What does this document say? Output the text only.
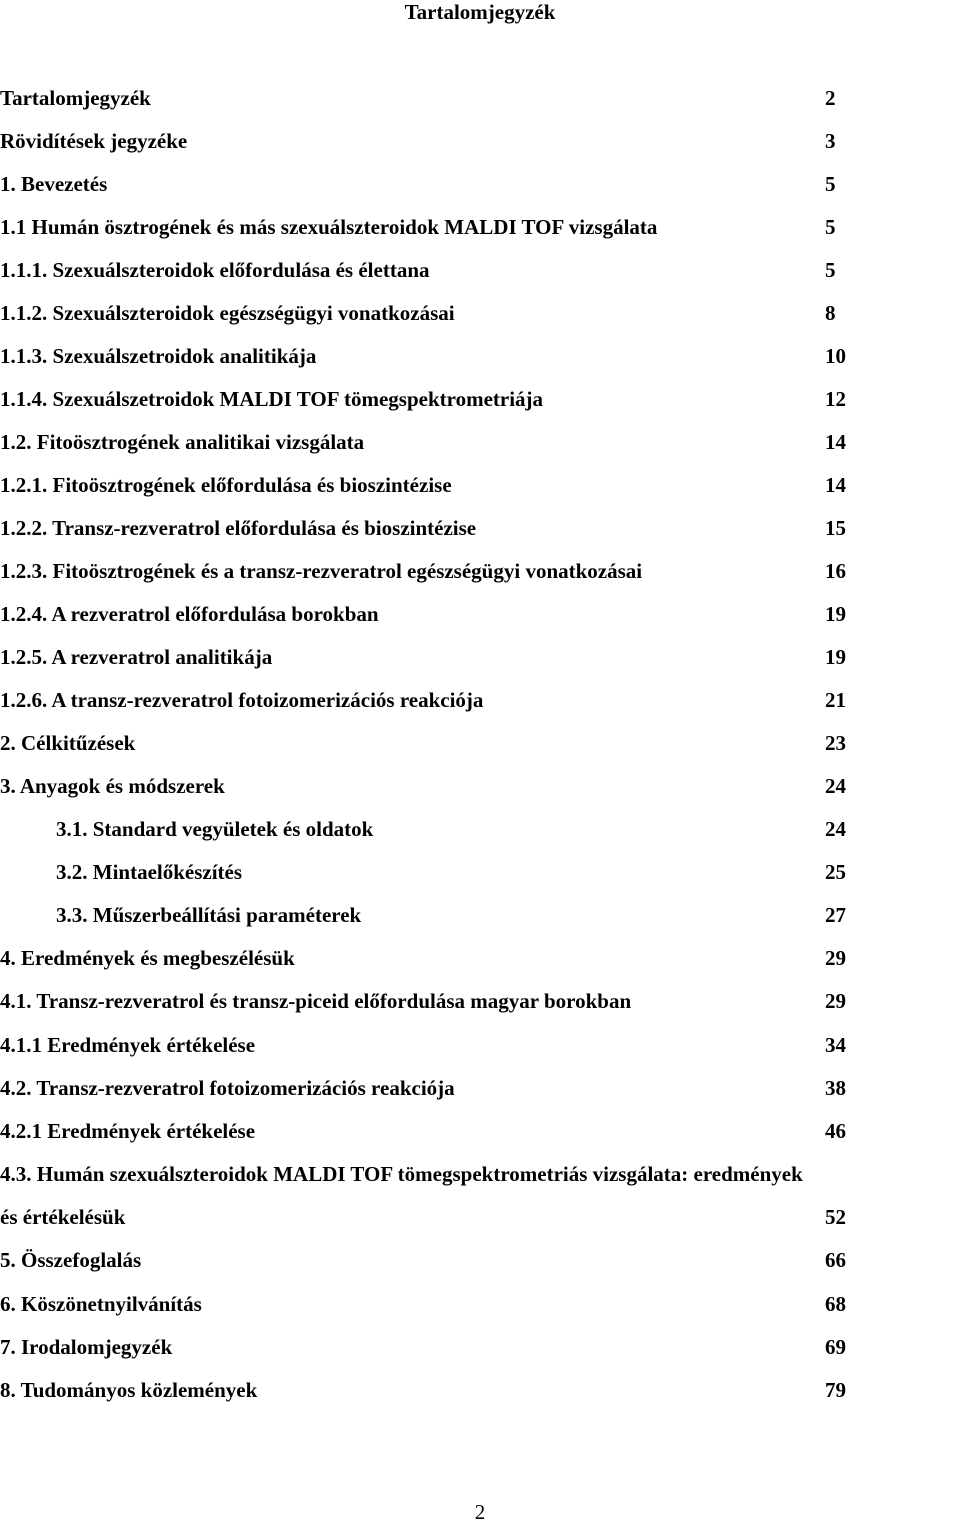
Tartalomjegyzék
Tartalomjegyzék	2
Rövidítések jegyzéke	3
1. Bevezetés	5
1.1 Humán ösztrogének és más szexuálszteroidok MALDI TOF vizsgálata	5
1.1.1. Szexuálszteroidok előfordulása és élettana	5
1.1.2. Szexuálszteroidok egészségügyi vonatkozásai	8
1.1.3. Szexuálszetroidok analitikája	10
1.1.4. Szexuálszetroidok MALDI TOF tömegspektrometriája	12
1.2. Fitoösztrogének analitikai vizsgálata	14
1.2.1. Fitoösztrogének előfordulása és bioszintézise	14
1.2.2. Transz-rezveratrol előfordulása és bioszintézise	15
1.2.3. Fitoösztrogének és a transz-rezveratrol egészségügyi vonatkozásai	16
1.2.4. A rezveratrol előfordulása borokban	19
1.2.5. A rezveratrol analitikája	19
1.2.6. A transz-rezveratrol fotoizomerizációs reakciója	21
2. Célkitűzések	23
3. Anyagok és módszerek	24
3.1. Standard vegyületek és oldatok	24
3.2. Mintaelőkészítés	25
3.3. Műszerbeállítási paraméterek	27
4. Eredmények és megbeszélésük	29
4.1. Transz-rezveratrol és transz-piceid előfordulása magyar borokban	29
4.1.1 Eredmények értékelése	34
4.2. Transz-rezveratrol fotoizomerizációs reakciója	38
4.2.1 Eredmények értékelése	46
4.3. Humán szexuálszteroidok MALDI TOF tömegspektrometriás vizsgálata: eredmények
és értékelésük	52
5. Összefoglalás	66
6. Köszönetnyilvánítás	68
7. Irodalomjegyzék	69
8. Tudományos közlemények	79
2
